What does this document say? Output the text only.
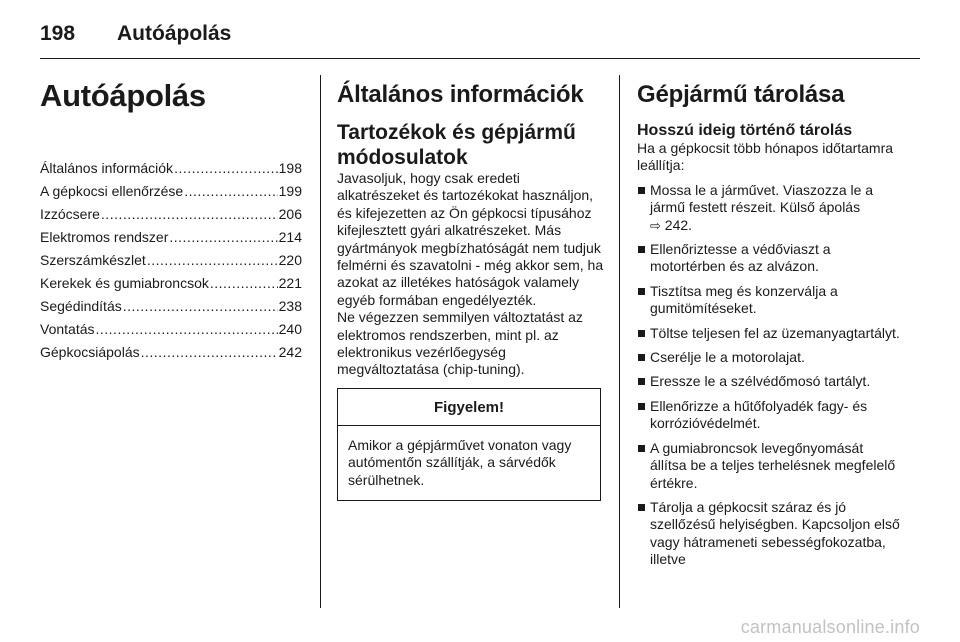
198 Autóápolás
Autóápolás
Általános információk .....	198
A gépkocsi ellenőrzése .....	199
Izzócsere .....	206
Elektromos rendszer .....	214
Szerszámkészlet .....	220
Kerekek és gumiabroncsok .....	221
Segédindítás .....	238
Vontatás .....	240
Gépkocsiápolás .....	242
Általános információk
Tartozékok és gépjármű módosulatok

Javasoljuk, hogy csak eredeti alkatrészeket és tartozékokat használjon, és kifejezetten az Ön gépkocsi típusához kifejlesztett gyári alkatrészeket. Más gyártmányok megbízhatóságát nem tudjuk felmérni és szavatolni - még akkor sem, ha azokat az illetékes hatóságok valamely egyéb formában engedélyezték.

Ne végezzen semmilyen változtatást az elektromos rendszerben, mint pl. az elektronikus vezérlőegység megváltoztatása (chip-tuning).

Figyelem!
Amikor a gépjárművet vonaton vagy autómentőn szállítják, a sárvédők sérülhetnek.
Gépjármű tárolása
Hosszú ideig történő tárolás

Ha a gépkocsit több hónapos időtartamra leállítja:

Mossa le a járművet. Viaszozza le a jármű festett részeit. Külső ápolás
⇨ 242.
Ellenőriztesse a védőviaszt a motortérben és az alvázon.
Tisztítsa meg és konzerválja a gumitömítéseket.
Töltse teljesen fel az üzemanyagtartályt.
Cserélje le a motorolajat.
Eressze le a szélvédőmosó tartályt.
Ellenőrizze a hűtőfolyadék fagy- és korrózióvédelmét.
A gumiabroncsok levegőnyomását állítsa be a teljes terhelésnek megfelelő értékre.
Tárolja a gépkocsit száraz és jó szellőzésű helyiségben. Kapcsoljon első vagy hátrameneti sebességfokozatba, illetve
carmanualsonline.info
